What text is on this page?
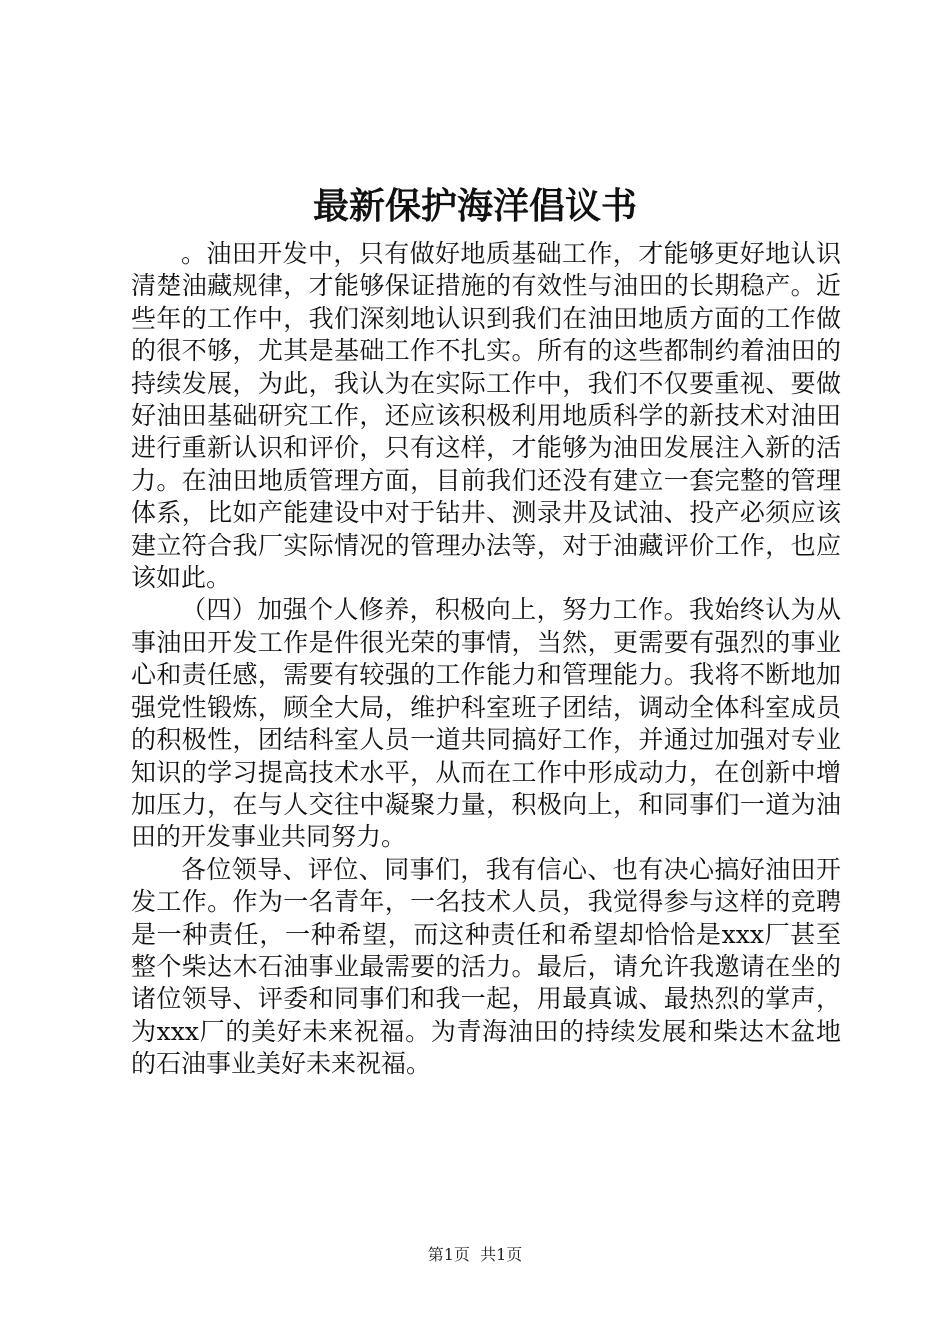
最新保护海洋倡议书

。油田开发中，只有做好地质基础工作，才能够更好地认识清楚油藏规律，才能够保证措施的有效性与油田的长期稳产。近些年的工作中，我们深刻地认识到我们在油田地质方面的工作做的很不够，尤其是基础工作不扎实。所有的这些都制约着油田的持续发展，为此，我认为在实际工作中，我们不仅要重视、要做好油田基础研究工作，还应该积极利用地质科学的新技术对油田进行重新认识和评价，只有这样，才能够为油田发展注入新的活力。在油田地质管理方面，目前我们还没有建立一套完整的管理体系，比如产能建设中对于钻井、测录井及试油、投产必须应该建立符合我厂实际情况的管理办法等，对于油藏评价工作，也应该如此。

（四）加强个人修养，积极向上，努力工作。我始终认为从事油田开发工作是件很光荣的事情，当然，更需要有强烈的事业心和责任感，需要有较强的工作能力和管理能力。我将不断地加强党性锻炼，顾全大局，维护科室班子团结，调动全体科室成员的积极性，团结科室人员一道共同搞好工作，并通过加强对专业知识的学习提高技术水平，从而在工作中形成动力，在创新中增加压力，在与人交往中凝聚力量，积极向上，和同事们一道为油田的开发事业共同努力。

各位领导、评位、同事们，我有信心、也有决心搞好油田开发工作。作为一名青年，一名技术人员，我觉得参与这样的竞聘是一种责任，一种希望，而这种责任和希望却恰恰是xxx厂甚至整个柴达木石油事业最需要的活力。最后，请允许我邀请在坐的诸位领导、评委和同事们和我一起，用最真诚、最热烈的掌声，为xxx厂的美好未来祝福。为青海油田的持续发展和柴达木盆地的石油事业美好未来祝福。

第1页 共1页
